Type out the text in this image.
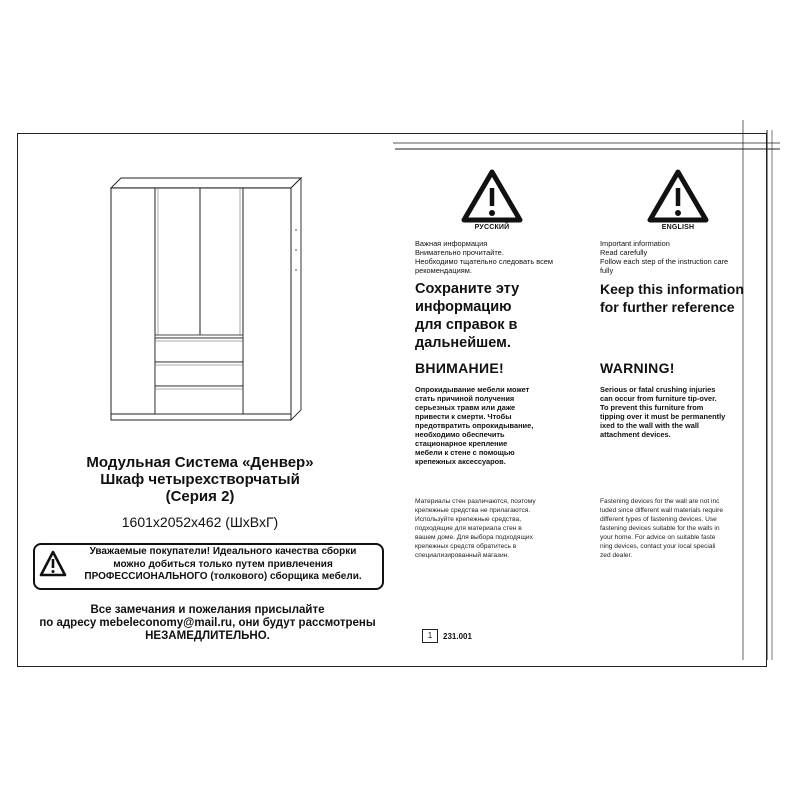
Модульная Система «Денвер»
Шкаф четырехстворчатый
(Серия 2)
1601х2052х462 (ШхВхГ)
Уважаемые покупатели! Идеальнoго качества сборки
можно добиться только путем привлечения
ПРОФЕССИОНАЛЬНОГО (толкового) сборщика мебели.
Все замечания и пожелания присылайте
по адресу mebeleconomy@mail.ru, они будут рассмотрены
НЕЗАМЕДЛИТЕЛЬНО.
РУССКИЙ
Важная информация
Внимательно прочитайте.
Необходимо тщательно следовать всем
рекомендациям.
Сохраните эту
информацию
для справок в
дальнейшем.
ВНИМАНИЕ!
Опрокидывание мебели может
стать причиной получения
серьезных травм или даже
привести к смерти. Чтобы
предотвратить опрокидывание,
необходимо обеспечить
стационарное крепление
мебели к стене с помощью
крепежных аксессуаров.
Материалы стен различаются, поэтому
крепежные средства не прилагаются.
Используйте крепежные средства,
подходящие для материала стен в
вашем доме. Для выбора подходящих
крепежных средств обратитесь в
специализированный магазин.
ENGLISH
Important information
Read carefully
Follow each step of the instruction care
fully
Keep this information
for further reference
WARNING!
Serious or fatal crushing injuries
can occur from furniture tip-over.
To prevent this furniture from
tipping over it must be permanently
ixed to the wall with the wall
attachment devices.
Fastening devices for the wall are not inc
luded since different wall materials require
different types of fastening devices. Use
fastening devices suitable for the walls in
your home. For advice on suitable faste
ning devices, contact your local speciali
zed dealer.
1	231.001
